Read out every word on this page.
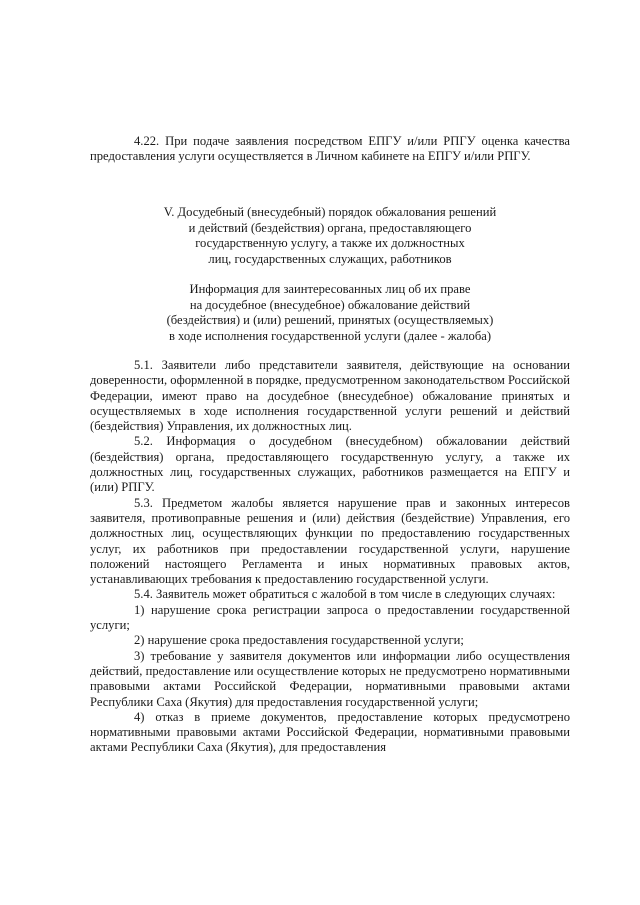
4.22. При подаче заявления посредством ЕПГУ и/или РПГУ оценка качества предоставления услуги осуществляется в Личном кабинете на ЕПГУ и/или РПГУ.

V. Досудебный (внесудебный) порядок обжалования решений
и действий (бездействия) органа, предоставляющего
государственную услугу, а также их должностных
лиц, государственных служащих, работников

Информация для заинтересованных лиц об их праве
на досудебное (внесудебное) обжалование действий
(бездействия) и (или) решений, принятых (осуществляемых)
в ходе исполнения государственной услуги (далее - жалоба)

5.1. Заявители либо представители заявителя, действующие на основании доверенности, оформленной в порядке, предусмотренном законодательством Российской Федерации, имеют право на досудебное (внесудебное) обжалование принятых и осуществляемых в ходе исполнения государственной услуги решений и действий (бездействия) Управления, их должностных лиц.

5.2. Информация о досудебном (внесудебном) обжаловании действий (бездействия) органа, предоставляющего государственную услугу, а также их должностных лиц, государственных служащих, работников размещается на ЕПГУ и (или) РПГУ.

5.3. Предметом жалобы является нарушение прав и законных интересов заявителя, противоправные решения и (или) действия (бездействие) Управления, его должностных лиц, осуществляющих функции по предоставлению государственных услуг, их работников при предоставлении государственной услуги, нарушение положений настоящего Регламента и иных нормативных правовых актов, устанавливающих требования к предоставлению государственной услуги.

5.4. Заявитель может обратиться с жалобой в том числе в следующих случаях:

1) нарушение срока регистрации запроса о предоставлении государственной услуги;

2) нарушение срока предоставления государственной услуги;

3) требование у заявителя документов или информации либо осуществления действий, предоставление или осуществление которых не предусмотрено нормативными правовыми актами Российской Федерации, нормативными правовыми актами Республики Саха (Якутия) для предоставления государственной услуги;

4) отказ в приеме документов, предоставление которых предусмотрено нормативными правовыми актами Российской Федерации, нормативными правовыми актами Республики Саха (Якутия), для предоставления
